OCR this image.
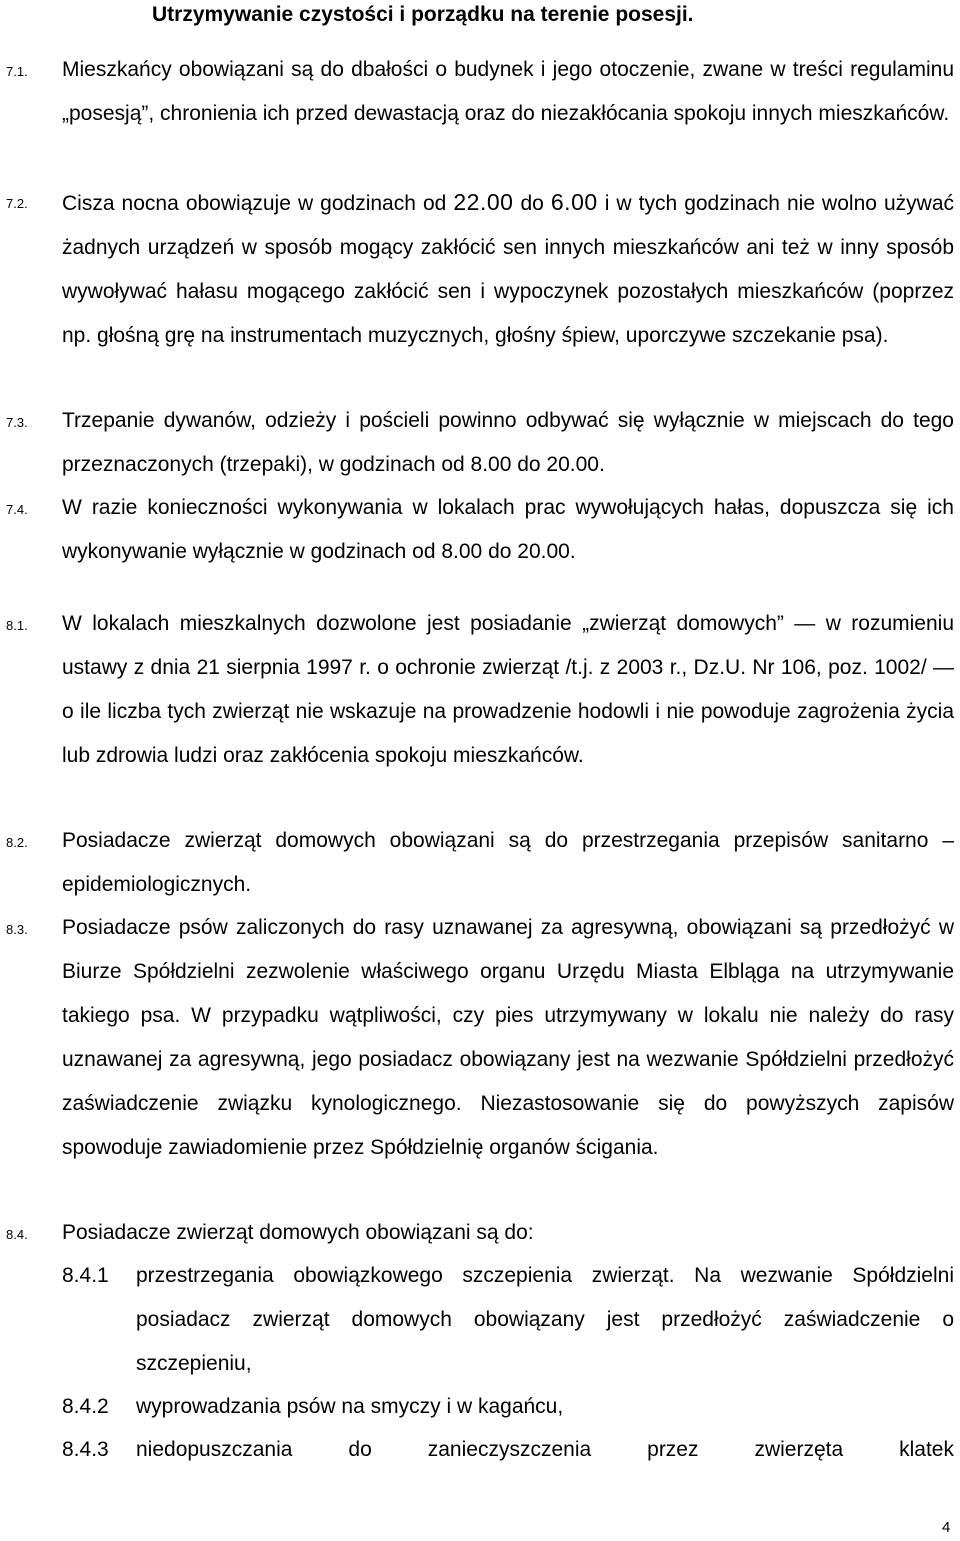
Utrzymywanie czystości i porządku na terenie posesji.
7.1. Mieszkańcy obowiązani są do dbałości o budynek i jego otoczenie, zwane w treści regulaminu „posesją”, chronienia ich przed dewastacją oraz do niezakłócania spokoju innych mieszkańców.
7.2. Cisza nocna obowiązuje w godzinach od 22.00 do 6.00 i w tych godzinach nie wolno używać żadnych urządzeń w sposób mogący zakłócić sen innych mieszkańców ani też w inny sposób wywoływać hałasu mogącego zakłócić sen i wypoczynek pozostałych mieszkańców (poprzez np. głośną grę na instrumentach muzycznych, głośny śpiew, uporczywe szczekanie psa).
7.3. Trzepanie dywanów, odzieży i pościeli powinno odbywać się wyłącznie w miejscach do tego przeznaczonych (trzepaki), w godzinach od 8.00 do 20.00.
7.4. W razie konieczności wykonywania w lokalach prac wywołujących hałas, dopuszcza się ich wykonywanie wyłącznie w godzinach od 8.00 do 20.00.
8.1. W lokalach mieszkalnych dozwolone jest posiadanie „zwierząt domowych” — w rozumieniu ustawy z dnia 21 sierpnia 1997 r. o ochronie zwierząt /t.j. z 2003 r., Dz.U. Nr 106, poz. 1002/ — o ile liczba tych zwierząt nie wskazuje na prowadzenie hodowli i nie powoduje zagrożenia życia lub zdrowia ludzi oraz zakłócenia spokoju mieszkańców.
8.2. Posiadacze zwierząt domowych obowiązani są do przestrzegania przepisów sanitarno – epidemiologicznych.
8.3. Posiadacze psów zaliczonych do rasy uznawanej za agresywną, obowiązani są przedłożyć w Biurze Spółdzielni zezwolenie właściwego organu Urzędu Miasta Elbląga na utrzymywanie takiego psa. W przypadku wątpliwości, czy pies utrzymywany w lokalu nie należy do rasy uznawanej za agresywną, jego posiadacz obowiązany jest na wezwanie Spółdzielni przedłożyć zaświadczenie związku kynologicznego. Niezastosowanie się do powyższych zapisów spowoduje zawiadomienie przez Spółdzielnię organów ścigania.
8.4. Posiadacze zwierząt domowych obowiązani są do:
8.4.1 przestrzegania obowiązkowego szczepienia zwierząt. Na wezwanie Spółdzielni posiadacz zwierząt domowych obowiązany jest przedłożyć zaświadczenie o szczepieniu,
8.4.2 wyprowadzania psów na smyczy i w kagańcu,
8.4.3 niedopuszczania do zanieczyszczenia przez zwierzęta klatek
4
